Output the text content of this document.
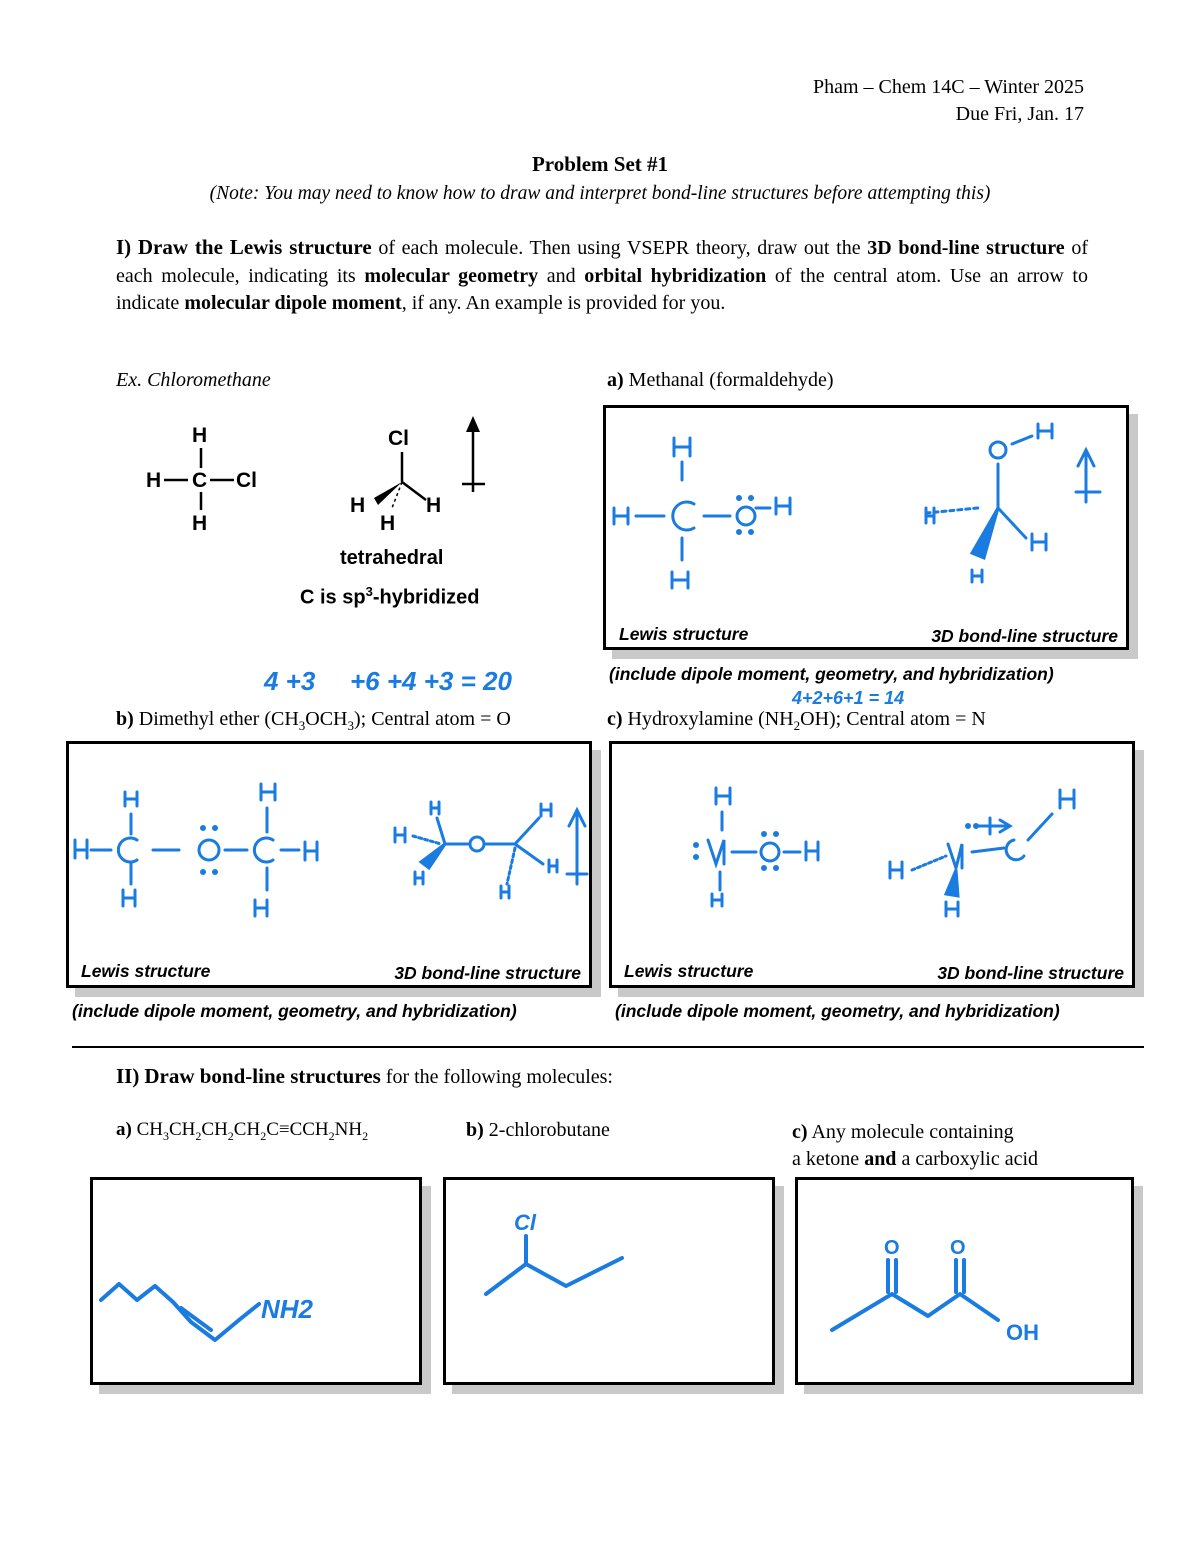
Pham – Chem 14C – Winter 2025
Due Fri, Jan. 17
Problem Set #1
(Note: You may need to know how to draw and interpret bond-line structures before attempting this)
I) Draw the Lewis structure of each molecule. Then using VSEPR theory, draw out the 3D bond-line structure of each molecule, indicating its molecular geometry and orbital hybridization of the central atom. Use an arrow to indicate molecular dipole moment, if any. An example is provided for you.
Ex. Chloromethane
H
H C Cl
H
Cl
H	H
H
tetrahedral
C is $sp^3$-hybridized
a) Methanal (formaldehyde)
Lewis structure	3D bond-line structure
4 +3 +6 +4 +3 = 20	(include dipole moment, geometry, and hybridization)
4+2+6+1 = 14
b) Dimethyl ether $(CH_3OCH_3)$; Central atom = O	c) Hydroxylamine $(NH_2OH)$; Central atom = N
Lewis structure	3D bond-line structure Lewis structure	3D bond-line structure
(include dipole moment, geometry, and hybridization)	(include dipole moment, geometry, and hybridization)
II) Draw bond-line structures for the following molecules:
a) $CH_3CH_2CH_2CH_2C\equiv CCH_2NH_2$	b) 2-chlorobutane	c) Any molecule containing
a ketone and a carboxylic acid
NH2
Cl
O	O
OH
